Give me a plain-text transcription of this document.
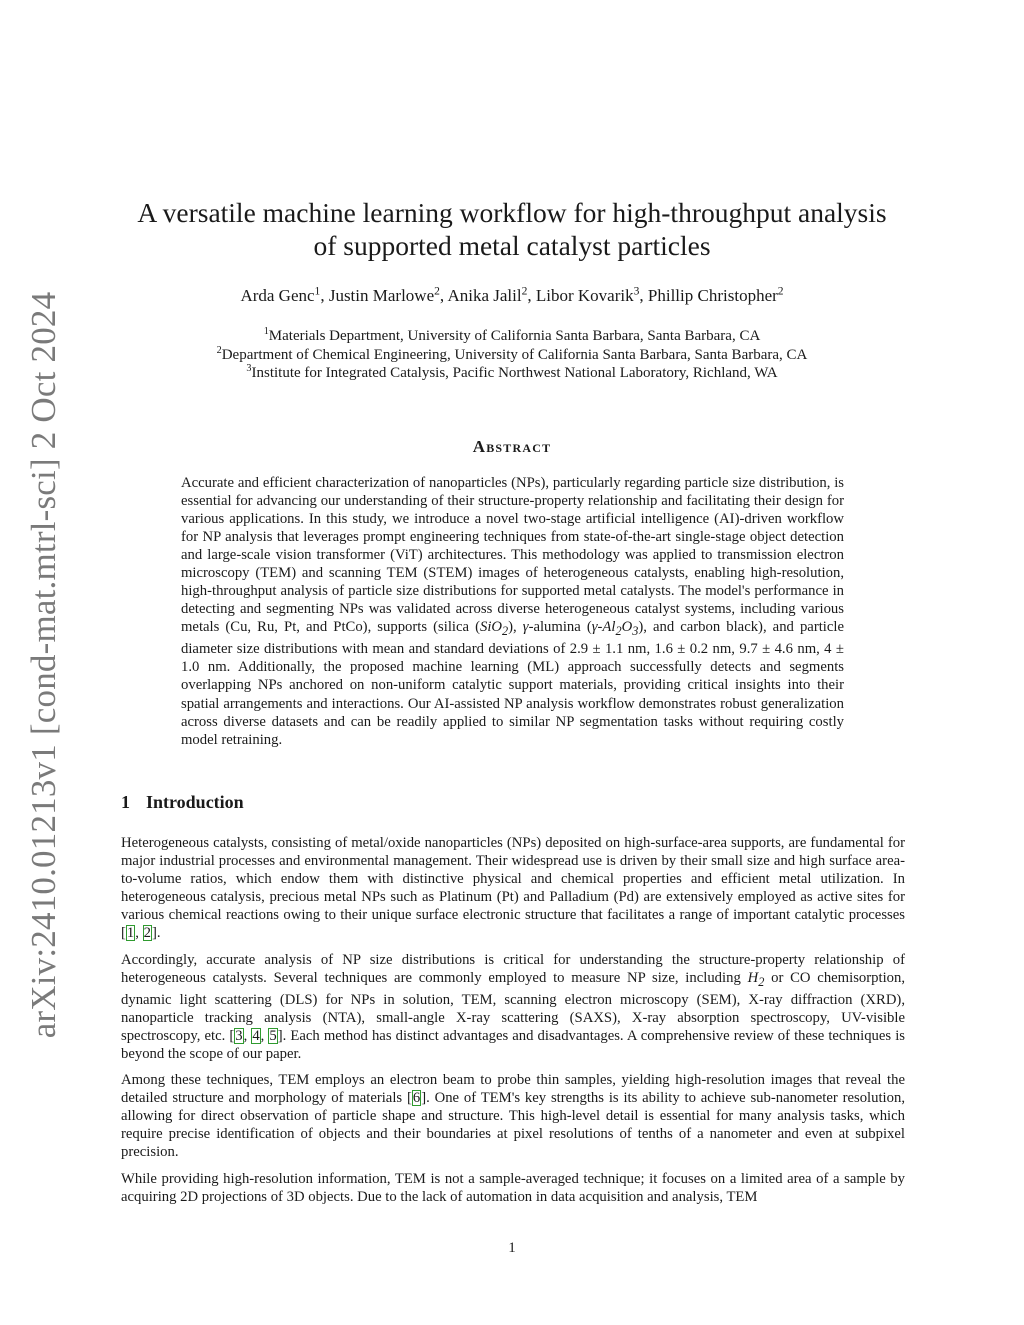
arXiv:2410.01213v1 [cond-mat.mtrl-sci] 2 Oct 2024
A versatile machine learning workflow for high-throughput analysis
of supported metal catalyst particles
Arda Genc$^1$, Justin Marlowe$^2$, Anika Jalil$^2$, Libor Kovarik$^3$, Phillip Christopher$^2$
$^1$Materials Department, University of California Santa Barbara, Santa Barbara, CA
$^2$Department of Chemical Engineering, University of California Santa Barbara, Santa Barbara, CA
$^3$Institute for Integrated Catalysis, Pacific Northwest National Laboratory, Richland, WA
Abstract
Accurate and efficient characterization of nanoparticles (NPs), particularly regarding particle size distribution, is essential for advancing our understanding of their structure-property relationship and facilitating their design for various applications. In this study, we introduce a novel two-stage artificial intelligence (AI)-driven workflow for NP analysis that leverages prompt engineering techniques from state-of-the-art single-stage object detection and large-scale vision transformer (ViT) architectures. This methodology was applied to transmission electron microscopy (TEM) and scanning TEM (STEM) images of heterogeneous catalysts, enabling high-resolution, high-throughput analysis of particle size distributions for supported metal catalysts. The model's performance in detecting and segmenting NPs was validated across diverse heterogeneous catalyst systems, including various metals (Cu, Ru, Pt, and PtCo), supports (silica (SiO$_2$), γ-alumina $(\gamma-Al_2O_3)$, and carbon black), and particle diameter size distributions with mean and standard deviations of 2.9 ± 1.1 nm, 1.6 ± 0.2 nm, 9.7 ± 4.6 nm, 4 ± 1.0 nm. Additionally, the proposed machine learning (ML) approach successfully detects and segments overlapping NPs anchored on non-uniform catalytic support materials, providing critical insights into their spatial arrangements and interactions. Our AI-assisted NP analysis workflow demonstrates robust generalization across diverse datasets and can be readily applied to similar NP segmentation tasks without requiring costly model retraining.
1 Introduction

Heterogeneous catalysts, consisting of metal/oxide nanoparticles (NPs) deposited on high-surface-area supports, are fundamental for major industrial processes and environmental management. Their widespread use is driven by their small size and high surface area-to-volume ratios, which endow them with distinctive physical and chemical properties and efficient metal utilization. In heterogeneous catalysis, precious metal NPs such as Platinum (Pt) and Palladium (Pd) are extensively employed as active sites for various chemical reactions owing to their unique surface electronic structure that facilitates a range of important catalytic processes [1, 2].

Accordingly, accurate analysis of NP size distributions is critical for understanding the structure-property relationship of heterogeneous catalysts. Several techniques are commonly employed to measure NP size, including $H_2$ or CO chemisorption, dynamic light scattering (DLS) for NPs in solution, TEM, scanning electron microscopy (SEM), X-ray diffraction (XRD), nanoparticle tracking analysis (NTA), small-angle X-ray scattering (SAXS), X-ray absorption spectroscopy, UV-visible spectroscopy, etc. [3, 4, 5]. Each method has distinct advantages and disadvantages. A comprehensive review of these techniques is beyond the scope of our paper.

Among these techniques, TEM employs an electron beam to probe thin samples, yielding high-resolution images that reveal the detailed structure and morphology of materials [6]. One of TEM's key strengths is its ability to achieve sub-nanometer resolution, allowing for direct observation of particle shape and structure. This high-level detail is essential for many analysis tasks, which require precise identification of objects and their boundaries at pixel resolutions of tenths of a nanometer and even at subpixel precision.

While providing high-resolution information, TEM is not a sample-averaged technique; it focuses on a limited area of a sample by acquiring 2D projections of 3D objects. Due to the lack of automation in data acquisition and analysis, TEM

1
